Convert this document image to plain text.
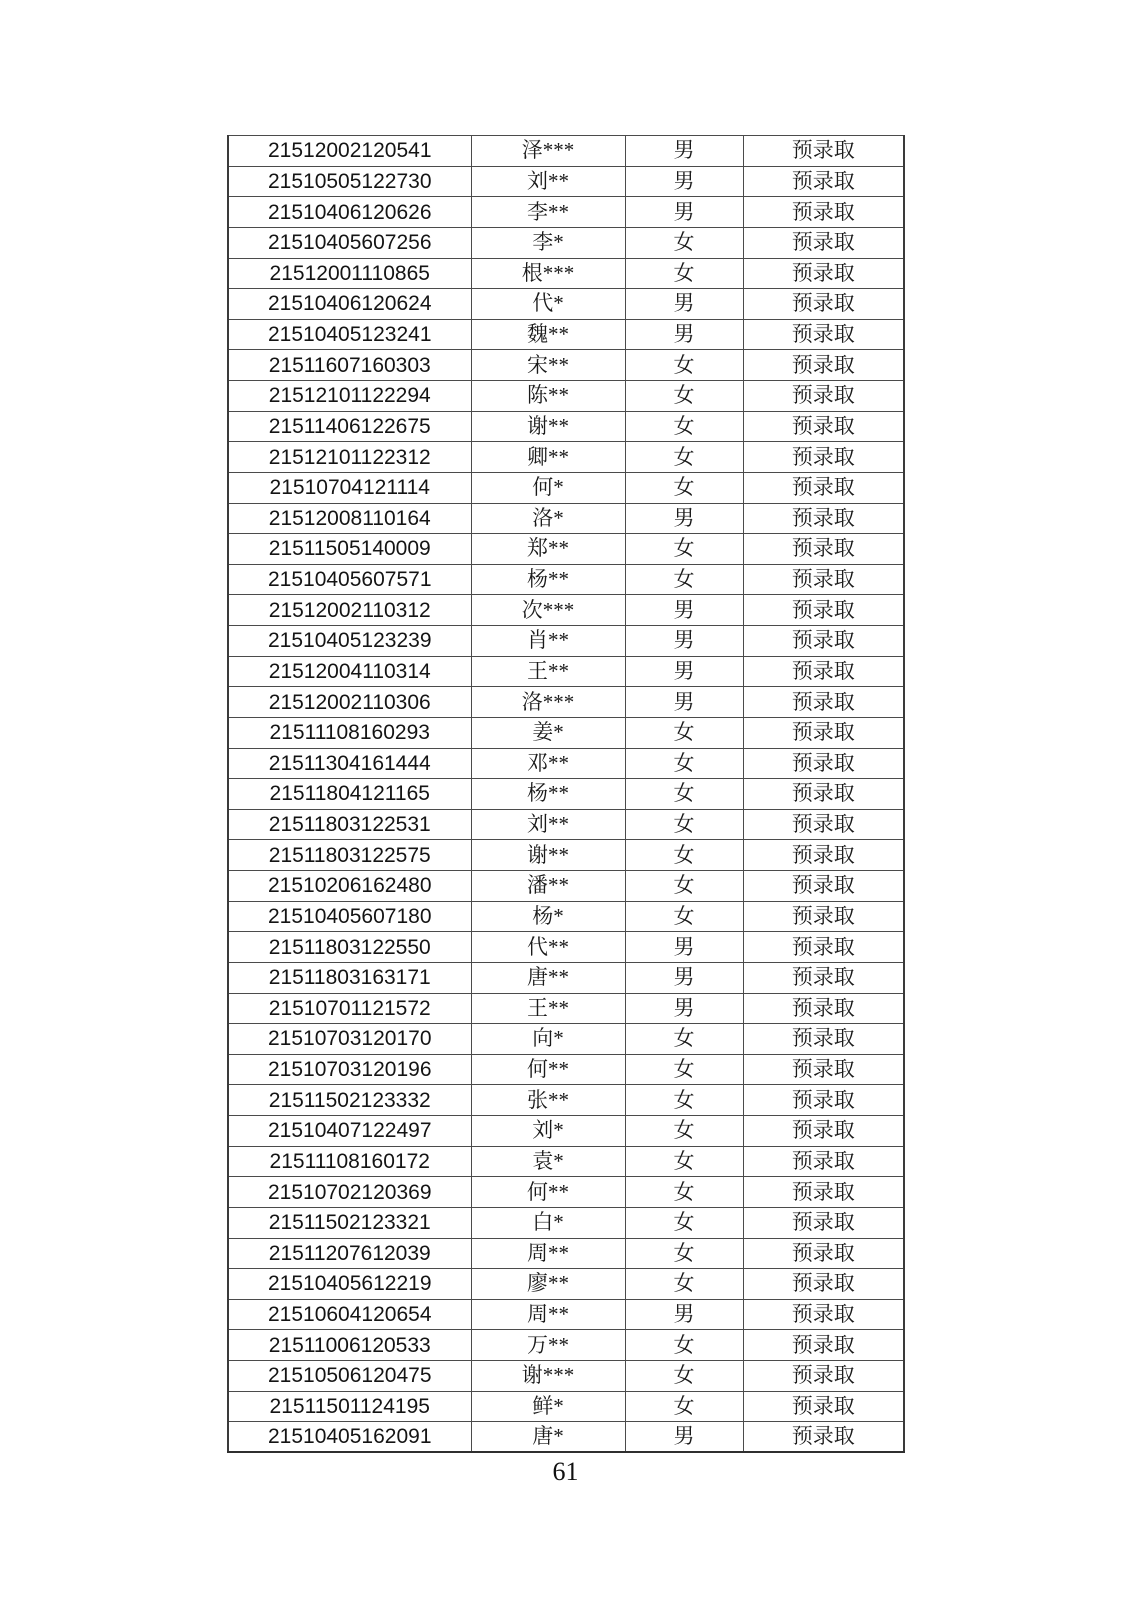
21512002120541	泽***	男	预录取
21510505122730	刘**	男	预录取
21510406120626	李**	男	预录取
21510405607256	李*	女	预录取
21512001110865	根***	女	预录取
21510406120624	代*	男	预录取
21510405123241	魏**	男	预录取
21511607160303	宋**	女	预录取
21512101122294	陈**	女	预录取
21511406122675	谢**	女	预录取
21512101122312	卿**	女	预录取
21510704121114	何*	女	预录取
21512008110164	洛*	男	预录取
21511505140009	郑**	女	预录取
21510405607571	杨**	女	预录取
21512002110312	次***	男	预录取
21510405123239	肖**	男	预录取
21512004110314	王**	男	预录取
21512002110306	洛***	男	预录取
21511108160293	姜*	女	预录取
21511304161444	邓**	女	预录取
21511804121165	杨**	女	预录取
21511803122531	刘**	女	预录取
21511803122575	谢**	女	预录取
21510206162480	潘**	女	预录取
21510405607180	杨*	女	预录取
21511803122550	代**	男	预录取
21511803163171	唐**	男	预录取
21510701121572	王**	男	预录取
21510703120170	向*	女	预录取
21510703120196	何**	女	预录取
21511502123332	张**	女	预录取
21510407122497	刘*	女	预录取
21511108160172	袁*	女	预录取
21510702120369	何**	女	预录取
21511502123321	白*	女	预录取
21511207612039	周**	女	预录取
21510405612219	廖**	女	预录取
21510604120654	周**	男	预录取
21511006120533	万**	女	预录取
21510506120475	谢***	女	预录取
21511501124195	鲜*	女	预录取
21510405162091	唐*	男	预录取
61
